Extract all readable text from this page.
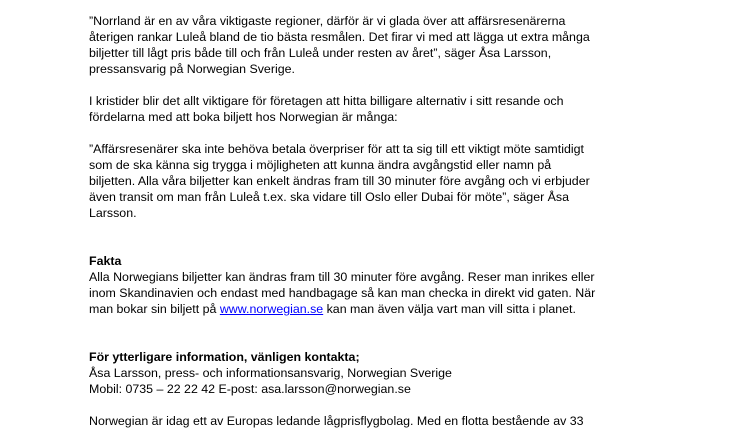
”Norrland är en av våra viktigaste regioner, därför är vi glada över att affärsresenärerna
återigen rankar Luleå bland de tio bästa resmålen. Det firar vi med att lägga ut extra många
biljetter till lågt pris både till och från Luleå under resten av året”, säger Åsa Larsson,
pressansvarig på Norwegian Sverige.
I kristider blir det allt viktigare för företagen att hitta billigare alternativ i sitt resande och
fördelarna med att boka biljett hos Norwegian är många:
”Affärsresenärer ska inte behöva betala överpriser för att ta sig till ett viktigt möte samtidigt
som de ska känna sig trygga i möjligheten att kunna ändra avgångstid eller namn på
biljetten. Alla våra biljetter kan enkelt ändras fram till 30 minuter före avgång och vi erbjuder
även transit om man från Luleå t.ex. ska vidare till Oslo eller Dubai för möte”, säger Åsa
Larsson.
Fakta
Alla Norwegians biljetter kan ändras fram till 30 minuter före avgång. Reser man inrikes eller
inom Skandinavien och endast med handbagage så kan man checka in direkt vid gaten. När
man bokar sin biljett på www.norwegian.se kan man även välja vart man vill sitta i planet.
För ytterligare information, vänligen kontakta;
Åsa Larsson, press- och informationsansvarig, Norwegian Sverige
Mobil: 0735 – 22 22 42 E-post: asa.larsson@norwegian.se
Norwegian är idag ett av Europas ledande lågprisflygbolag. Med en flotta bestående av 33
